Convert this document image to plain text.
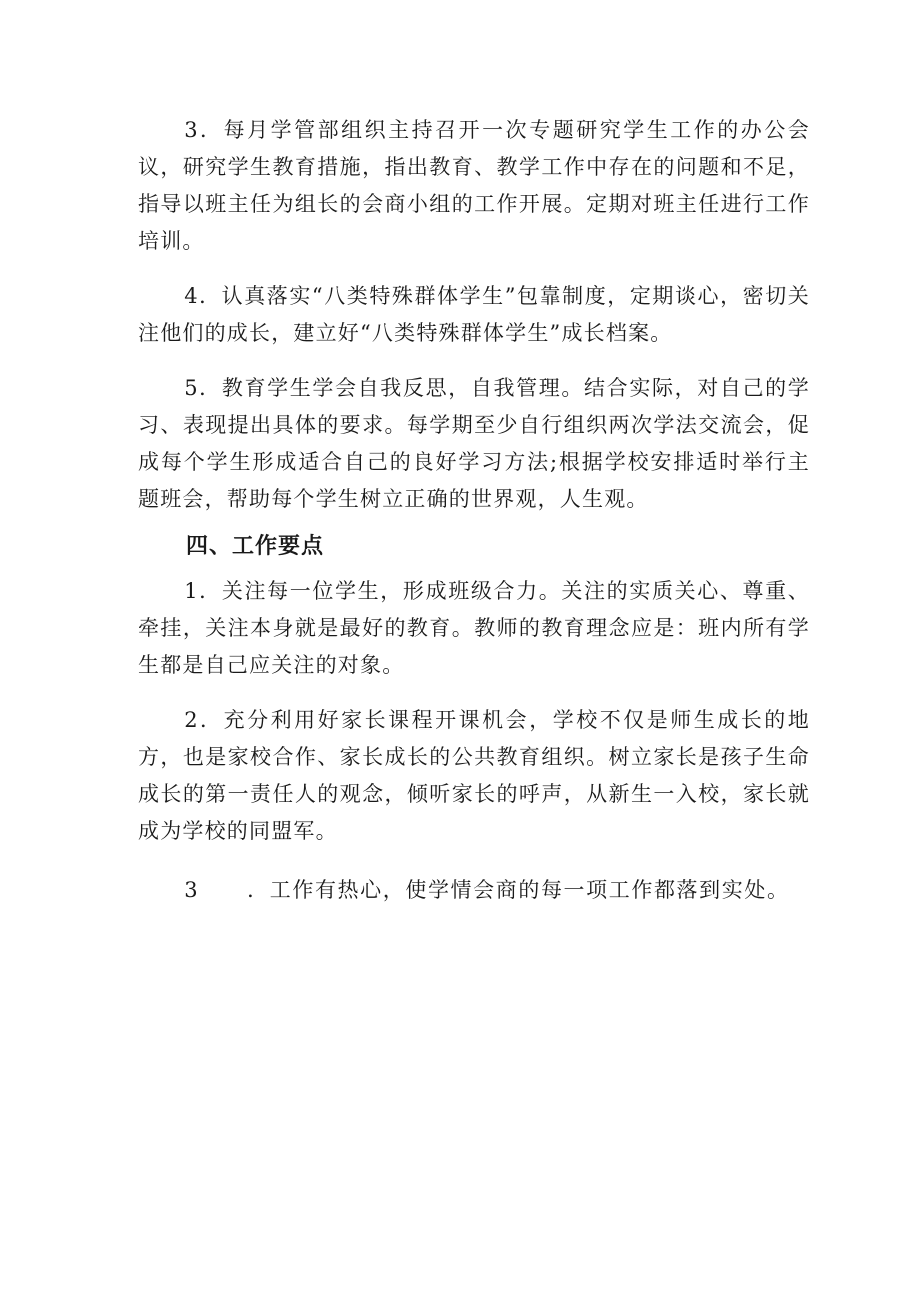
3．每月学管部组织主持召开一次专题研究学生工作的办公会议，研究学生教育措施，指出教育、教学工作中存在的问题和不足，指导以班主任为组长的会商小组的工作开展。定期对班主任进行工作培训。

4．认真落实“八类特殊群体学生”包靠制度，定期谈心，密切关注他们的成长，建立好“八类特殊群体学生”成长档案。

5．教育学生学会自我反思，自我管理。结合实际，对自己的学习、表现提出具体的要求。每学期至少自行组织两次学法交流会，促成每个学生形成适合自己的良好学习方法;根据学校安排适时举行主题班会，帮助每个学生树立正确的世界观，人生观。

四、工作要点

1．关注每一位学生，形成班级合力。关注的实质关心、尊重、牵挂，关注本身就是最好的教育。教师的教育理念应是：班内所有学生都是自己应关注的对象。

2．充分利用好家长课程开课机会，学校不仅是师生成长的地方，也是家校合作、家长成长的公共教育组织。树立家长是孩子生命成长的第一责任人的观念，倾听家长的呼声，从新生一入校，家长就成为学校的同盟军。

3 ．工作有热心，使学情会商的每一项工作都落到实处。
